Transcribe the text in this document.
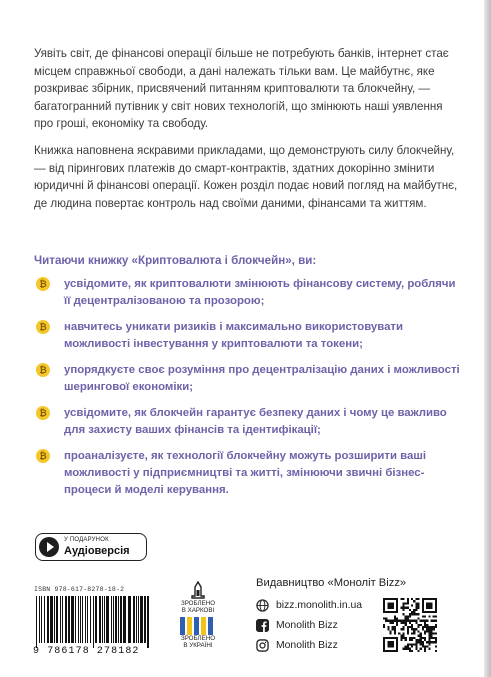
Уявіть світ, де фінансові операції більше не потребують банків, інтернет стає місцем справжньої свободи, а дані належать тільки вам. Це майбутнє, яке розкриває збірник, присвячений питанням криптовалюти та блокчейну, — багатогранний путівник у світ нових технологій, що змінюють наші уявлення про гроші, економіку та свободу.

Книжка наповнена яскравими прикладами, що демонструють силу блокчейну, — від пірингових платежів до смарт-контрактів, здатних докорінно змінити юридичні й фінансові операції. Кожен розділ подає новий погляд на майбутнє, де людина повертає контроль над своїми даними, фінансами та життям.

Читаючи книжку «Криптовалюта і блокчейн», ви:
₿ усвідомите, як криптовалюти змінюють фінансову систему, роблячи її децентралізованою та прозорою;
₿ навчитесь уникати ризиків і максимально використовувати можливості інвестування у криптовалюти та токени;
₿ упорядкуєте своє розуміння про децентралізацію даних і можливості шерингової економіки;
₿ усвідомите, як блокчейн гарантує безпеку даних і чому це важливо для захисту ваших фінансів та ідентифікації;
₿ проаналізуєте, як технології блокчейну можуть розширити ваші можливості у підприємництві та житті, змінюючи звичні бізнес-процеси й моделі керування.
У ПОДАРУНОК
Аудіоверсія
ISBN 978-617-8278-18-2
9 786178 278182
ЗРОБЛЕНО
В ХАРКОВІ
ЗРОБЛЕНО
В УКРАЇНІ
Видавництво «Моноліт Bizz»
bizz.monolith.in.ua
Monolith Bizz
Monolith Bizz
